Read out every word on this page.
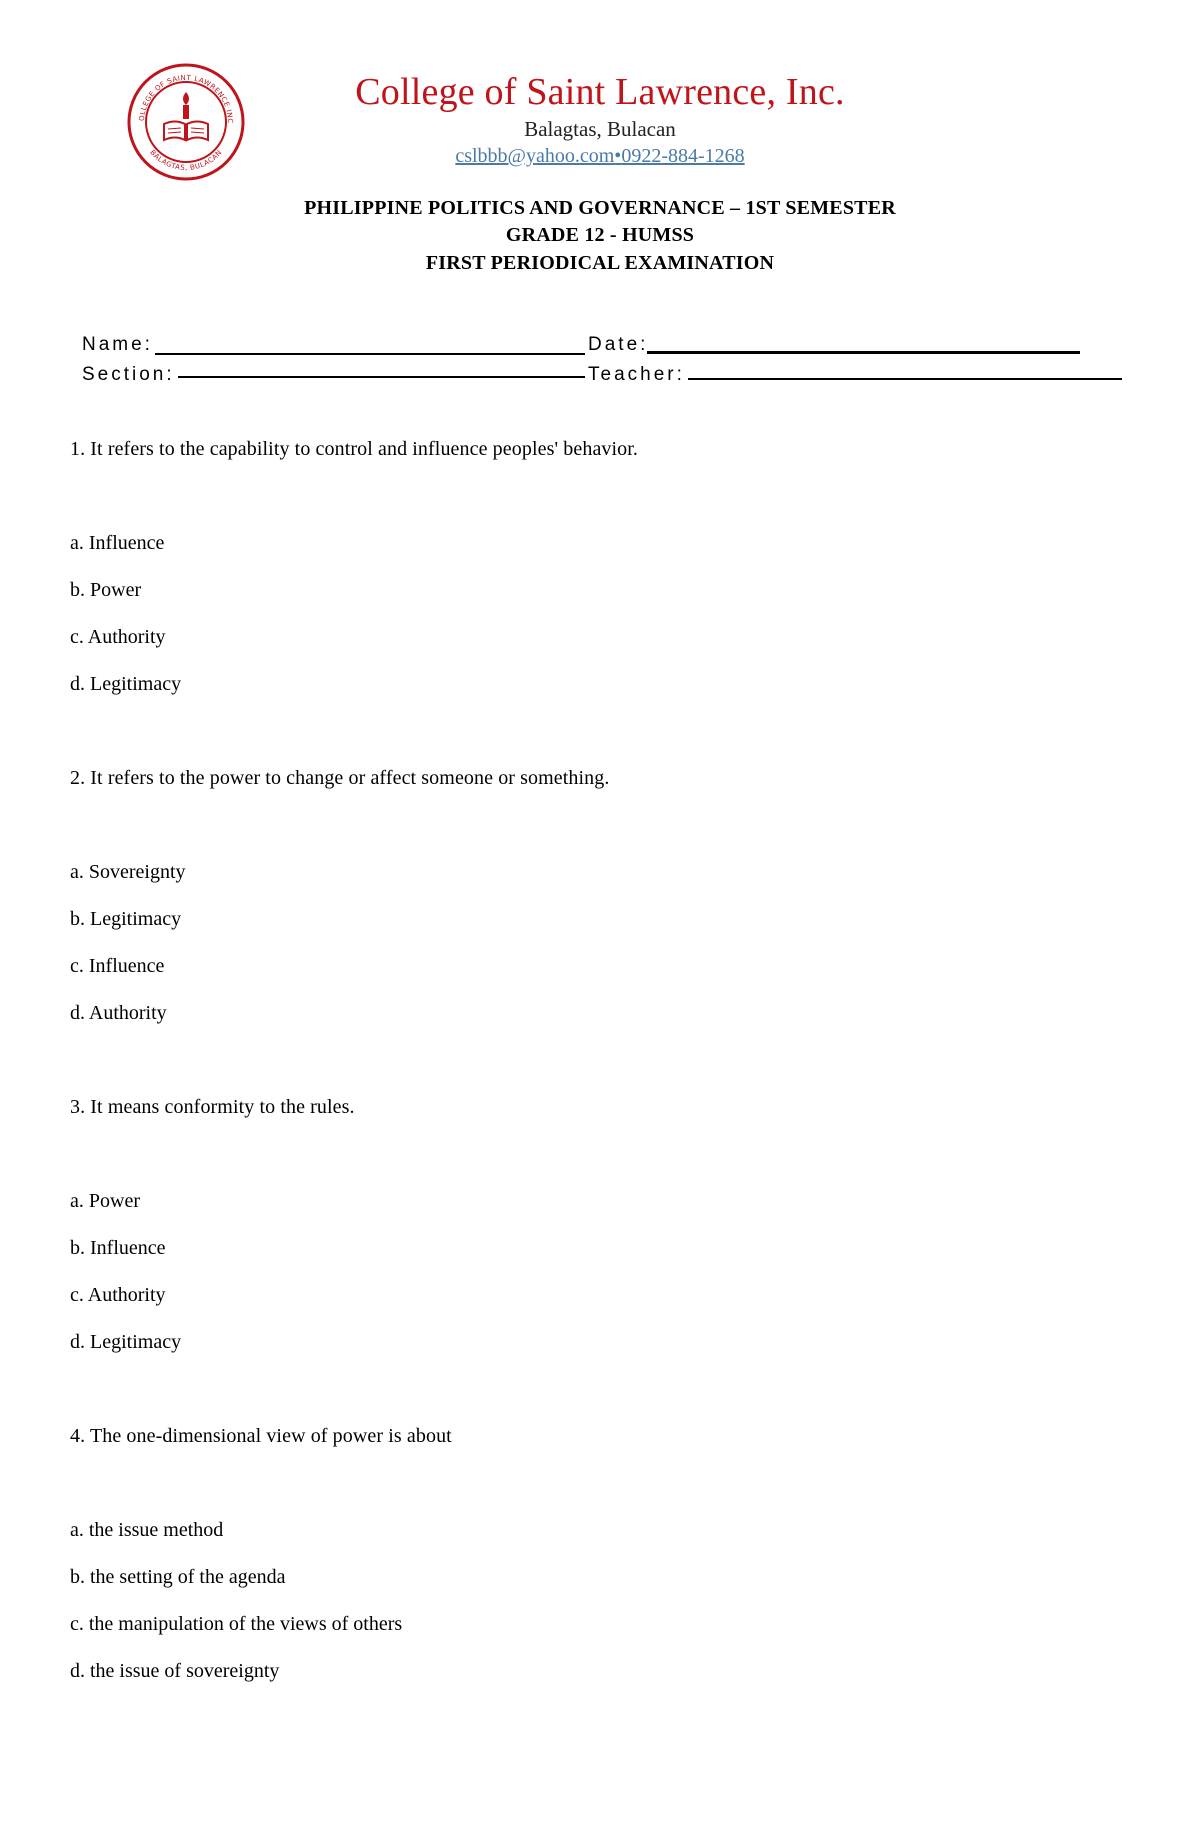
OLLEGE OF SAINT LAWRENCE INC
BALAGTAS, BULACAN
College of Saint Lawrence, Inc.
Balagtas, Bulacan
cslbbb@yahoo.com•0922-884-1268
PHILIPPINE POLITICS AND GOVERNANCE – 1ST SEMESTER
GRADE 12 - HUMSS
FIRST PERIODICAL EXAMINATION
Name:	Date:
Section:	Teacher:
1. It refers to the capability to control and influence peoples' behavior.
a. Influence
b. Power
c. Authority
d. Legitimacy
2. It refers to the power to change or affect someone or something.
a. Sovereignty
b. Legitimacy
c. Influence
d. Authority
3. It means conformity to the rules.
a. Power
b. Influence
c. Authority
d. Legitimacy
4. The one-dimensional view of power is about
a. the issue method
b. the setting of the agenda
c. the manipulation of the views of others
d. the issue of sovereignty
